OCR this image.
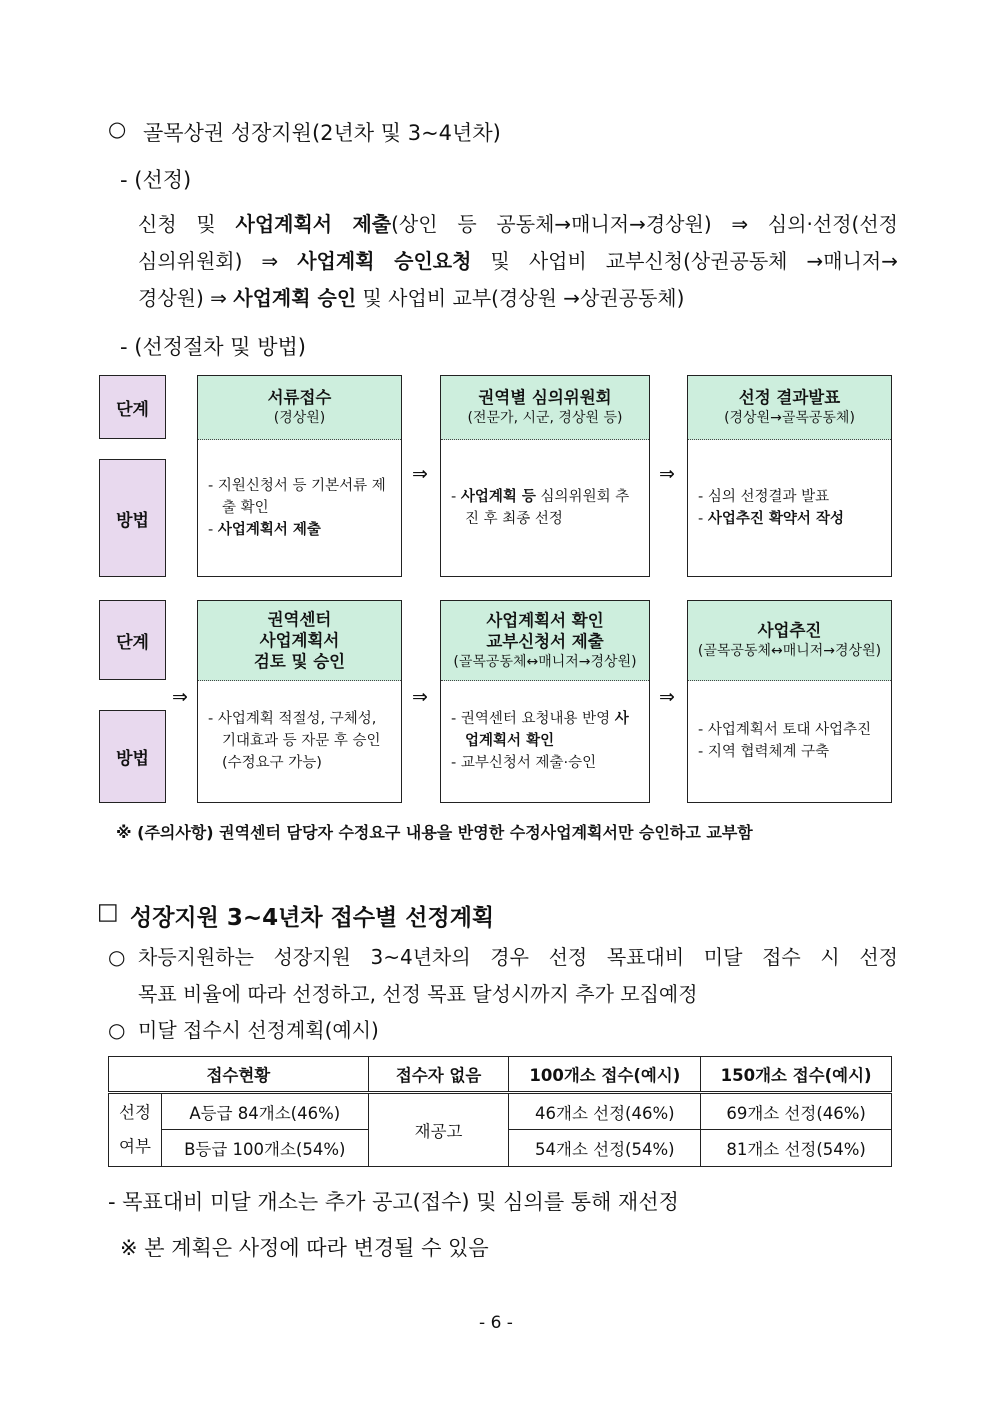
○ 골목상권 성장지원(2년차 및 3~4년차)
- (선정)
신청 및 사업계획서 제출(상인 등 공동체→매니저→경상원) ⇒ 심의·선정(선정
심의위원회) ⇒ 사업계획 승인요청 및 사업비 교부신청(상권공동체 →매니저→
경상원) ⇒ 사업계획 승인 및 사업비 교부(경상원 →상권공동체)
- (선정절차 및 방법)
단계
방법
단계
방법
서류접수
(경상원)
- 지원신청서 등 기본서류 제출 확인
- 사업계획서 제출
권역별 심의위원회
(전문가, 시군, 경상원 등)
- 사업계획 등 심의위원회 추진 후 최종 선정
선정 결과발표
(경상원→골목공동체)
- 심의 선정결과 발표
- 사업추진 확약서 작성
⇒	⇒
권역센터
사업계획서
검토 및 승인
- 사업계획 적절성, 구체성, 기대효과 등 자문 후 승인 (수정요구 가능)
사업계획서 확인
교부신청서 제출
(골목공동체↔매니저→경상원)
- 권역센터 요청내용 반영 사업계획서 확인
- 교부신청서 제출·승인
사업추진
(골목공동체↔매니저→경상원)
- 사업계획서 토대 사업추진
- 지역 협력체계 구축
⇒	⇒	⇒
※ (주의사항) 권역센터 담당자 수정요구 내용을 반영한 수정사업계획서만 승인하고 교부함
□ 성장지원 3~4년차 접수별 선정계획
○ 차등지원하는 성장지원 3~4년차의 경우 선정 목표대비 미달 접수 시 선정
목표 비율에 따라 선정하고, 선정 목표 달성시까지 추가 모집예정
○ 미달 접수시 선정계획(예시)
접수현황		접수자 없음	100개소 접수(예시)	150개소 접수(예시)

선정
여부	A등급 84개소(46%)	재공고	46개소 선정(46%)	69개소 선정(46%)
	B등급 100개소(54%)		54개소 선정(54%)	81개소 선정(54%)
- 목표대비 미달 개소는 추가 공고(접수) 및 심의를 통해 재선정
※ 본 계획은 사정에 따라 변경될 수 있음
- 6 -
